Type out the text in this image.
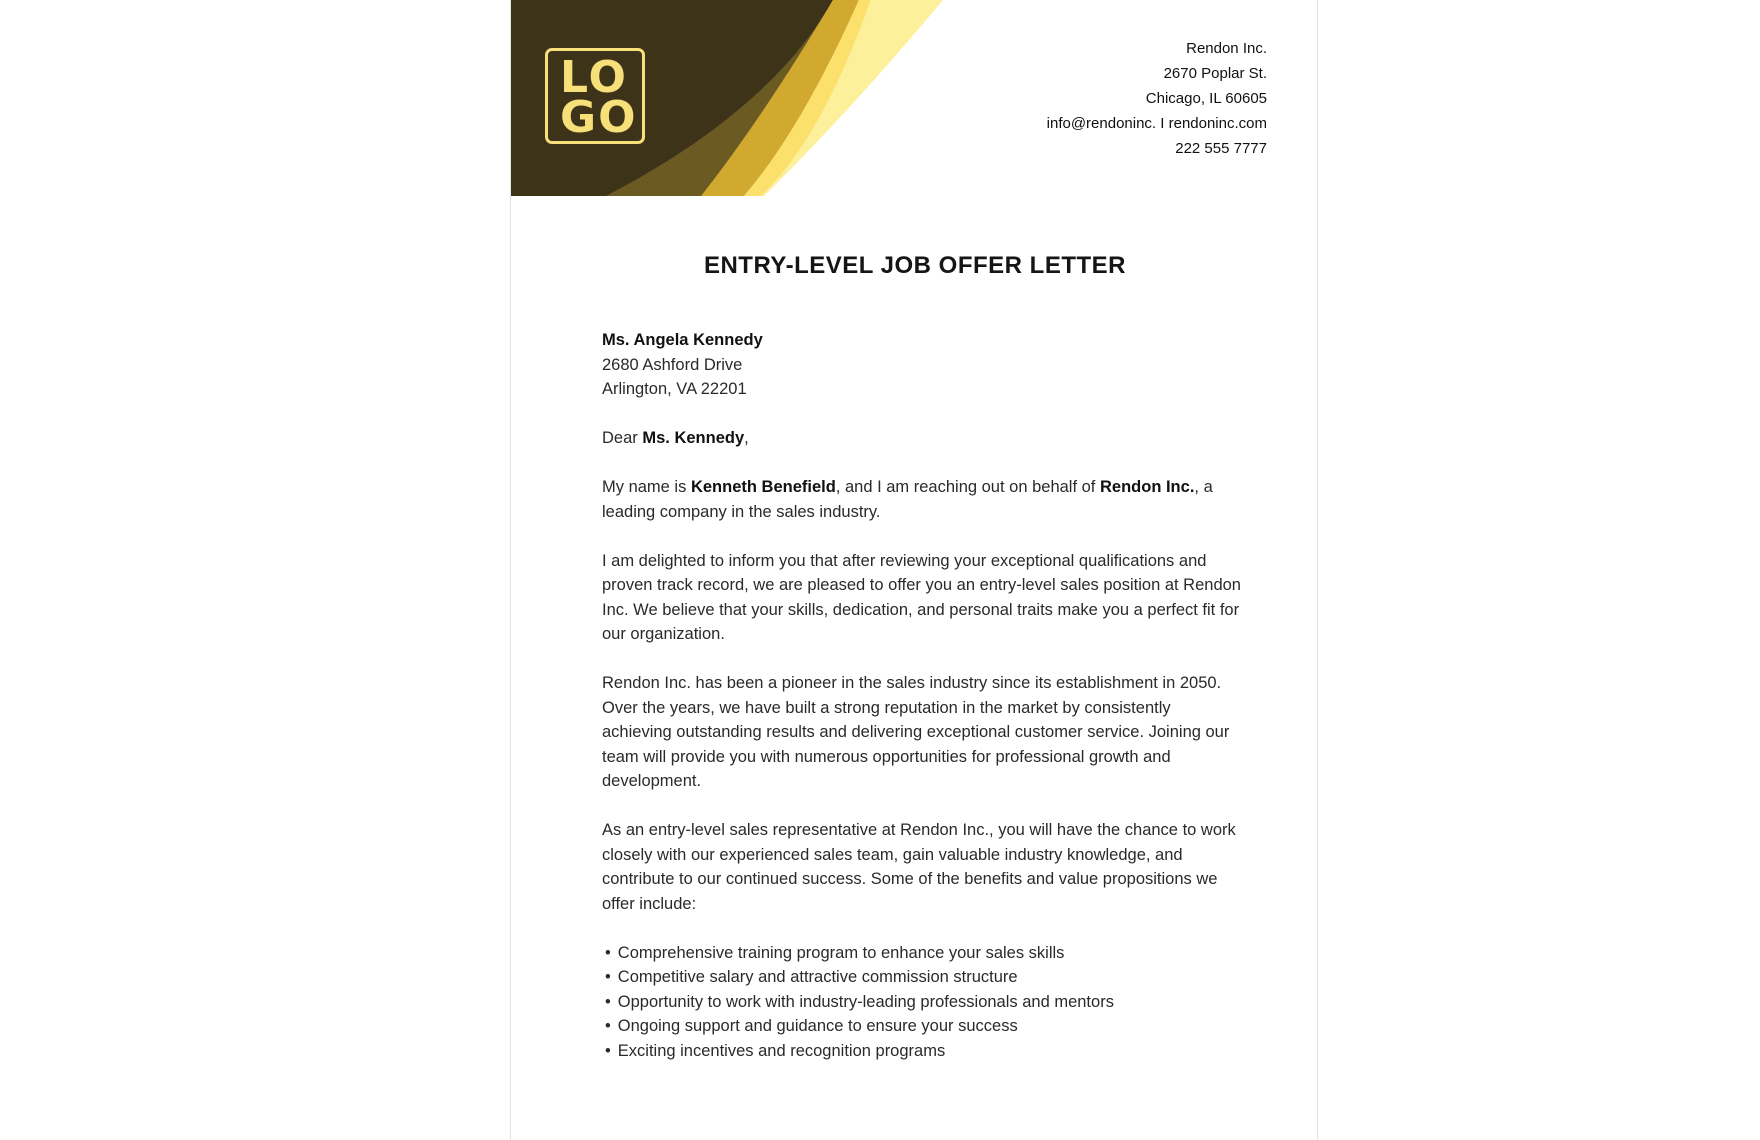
LO
GO
Rendon Inc.
2670 Poplar St.
Chicago, IL 60605
info@rendoninc. I rendoninc.com
222 555 7777
ENTRY-LEVEL JOB OFFER LETTER
Ms. Angela Kennedy
2680 Ashford Drive
Arlington, VA 22201

Dear Ms. Kennedy,

My name is Kenneth Benefield, and I am reaching out on behalf of Rendon Inc., a leading company in the sales industry.

I am delighted to inform you that after reviewing your exceptional qualifications and proven track record, we are pleased to offer you an entry-level sales position at Rendon Inc. We believe that your skills, dedication, and personal traits make you a perfect fit for our organization.

Rendon Inc. has been a pioneer in the sales industry since its establishment in 2050. Over the years, we have built a strong reputation in the market by consistently achieving outstanding results and delivering exceptional customer service. Joining our team will provide you with numerous opportunities for professional growth and development.

As an entry-level sales representative at Rendon Inc., you will have the chance to work closely with our experienced sales team, gain valuable industry knowledge, and contribute to our continued success. Some of the benefits and value propositions we offer include:

• Comprehensive training program to enhance your sales skills
• Competitive salary and attractive commission structure
• Opportunity to work with industry-leading professionals and mentors
• Ongoing support and guidance to ensure your success
• Exciting incentives and recognition programs
